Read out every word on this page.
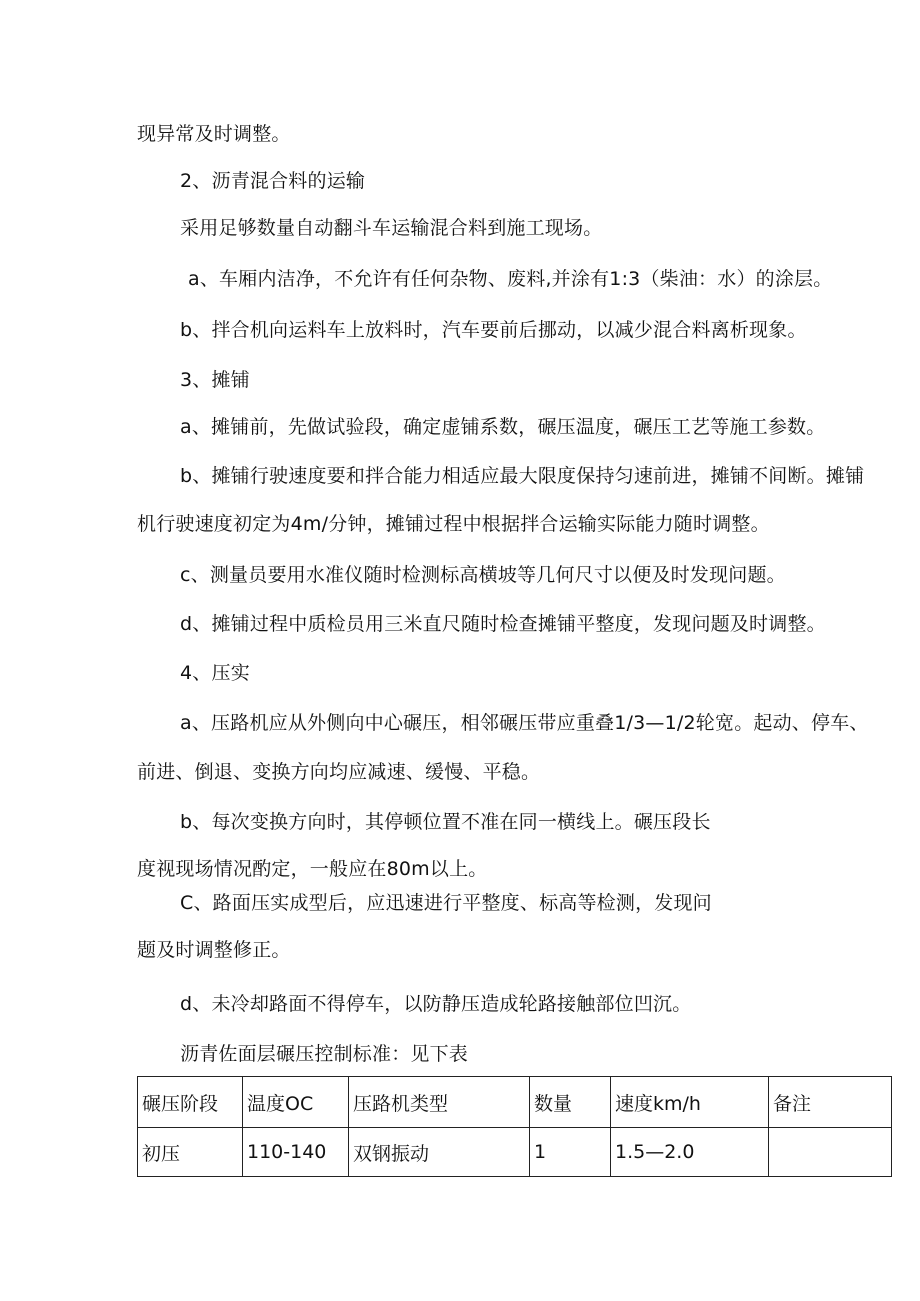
现异常及时调整。
2、沥青混合料的运输
采用足够数量自动翻斗车运输混合料到施工现场。
a、车厢内洁净，不允许有任何杂物、废料,并涂有1:3（柴油：水）的涂层。
b、拌合机向运料车上放料时，汽车要前后挪动，以减少混合料离析现象。
3、摊铺
a、摊铺前，先做试验段，确定虚铺系数，碾压温度，碾压工艺等施工参数。
b、摊铺行驶速度要和拌合能力相适应最大限度保持匀速前进，摊铺不间断。摊铺
机行驶速度初定为4m/分钟，摊铺过程中根据拌合运输实际能力随时调整。
c、测量员要用水准仪随时检测标高横坡等几何尺寸以便及时发现问题。
d、摊铺过程中质检员用三米直尺随时检查摊铺平整度，发现问题及时调整。
4、压实
a、压路机应从外侧向中心碾压，相邻碾压带应重叠1/3—1/2轮宽。起动、停车、
前进、倒退、变换方向均应减速、缓慢、平稳。
b、每次变换方向时，其停顿位置不准在同一横线上。碾压段长
度视现场情况酌定，一般应在80m以上。
C、路面压实成型后，应迅速进行平整度、标高等检测，发现问
题及时调整修正。
d、未冷却路面不得停车，以防静压造成轮路接触部位凹沉。
沥青佐面层碾压控制标准：见下表
碾压阶段	温度OC	压路机类型	数量	速度km/h	备注
初压	110-140	双钢振动	1	1.5—2.0	
